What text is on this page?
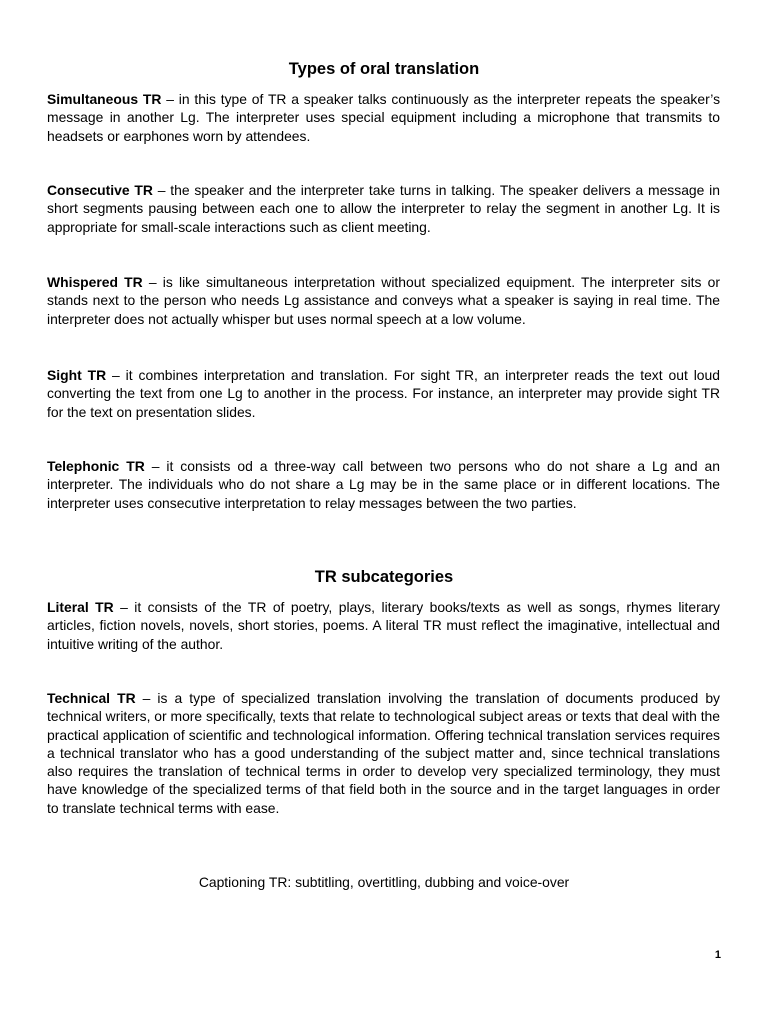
Types of oral translation

Simultaneous TR – in this type of TR a speaker talks continuously as the interpreter repeats the speaker’s message in another Lg. The interpreter uses special equipment including a microphone that transmits to headsets or earphones worn by attendees.

Consecutive TR – the speaker and the interpreter take turns in talking. The speaker delivers a message in short segments pausing between each one to allow the interpreter to relay the segment in another Lg. It is appropriate for small-scale interactions such as client meeting.

Whispered TR – is like simultaneous interpretation without specialized equipment. The interpreter sits or stands next to the person who needs Lg assistance and conveys what a speaker is saying in real time. The interpreter does not actually whisper but uses normal speech at a low volume.

Sight TR – it combines interpretation and translation. For sight TR, an interpreter reads the text out loud converting the text from one Lg to another in the process. For instance, an interpreter may provide sight TR for the text on presentation slides.

Telephonic TR – it consists od a three-way call between two persons who do not share a Lg and an interpreter. The individuals who do not share a Lg may be in the same place or in different locations. The interpreter uses consecutive interpretation to relay messages between the two parties.

TR subcategories

Literal TR – it consists of the TR of poetry, plays, literary books/texts as well as songs, rhymes literary articles, fiction novels, novels, short stories, poems. A literal TR must reflect the imaginative, intellectual and intuitive writing of the author.

Technical TR – is a type of specialized translation involving the translation of documents produced by technical writers, or more specifically, texts that relate to technological subject areas or texts that deal with the practical application of scientific and technological information. Offering technical translation services requires a technical translator who has a good understanding of the subject matter and, since technical translations also requires the translation of technical terms in order to develop very specialized terminology, they must have knowledge of the specialized terms of that field both in the source and in the target languages in order to translate technical terms with ease.

Captioning TR: subtitling, overtitling, dubbing and voice-over

1
